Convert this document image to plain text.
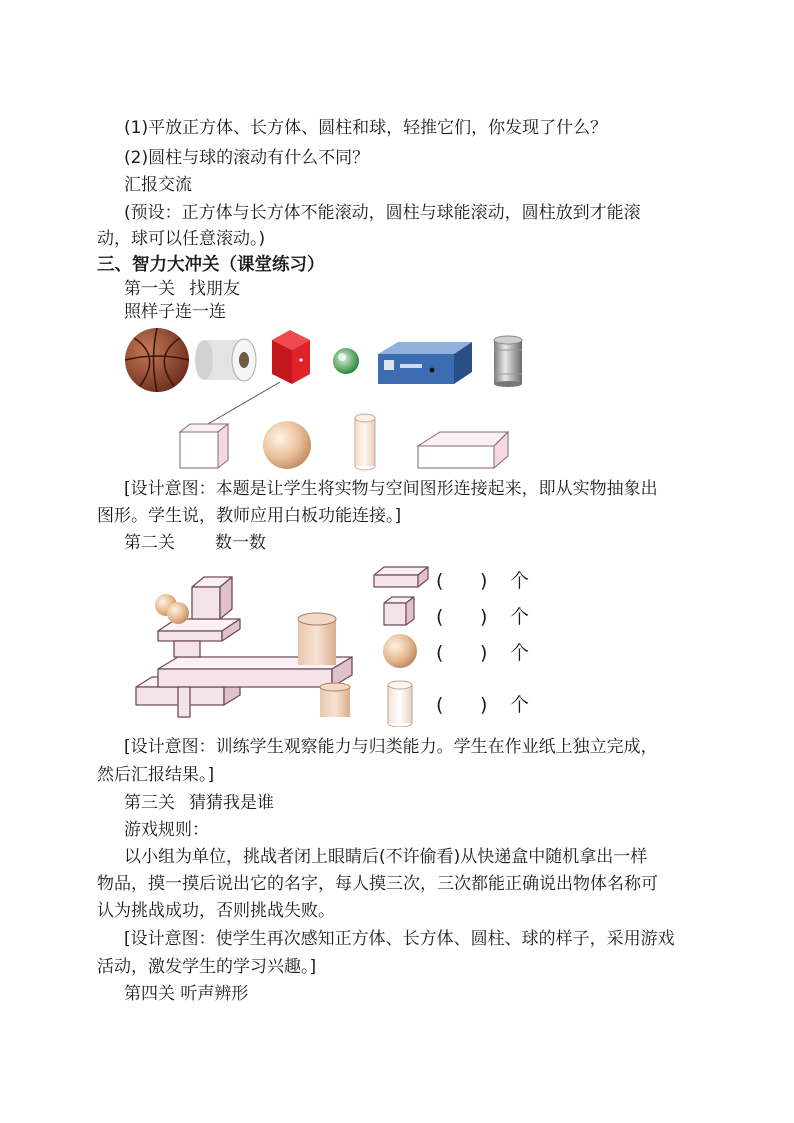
(1)平放正方体、长方体、圆柱和球，轻推它们，你发现了什么？
(2)圆柱与球的滚动有什么不同？
汇报交流
(预设：正方体与长方体不能滚动，圆柱与球能滚动，圆柱放到才能滚
动，球可以任意滚动。)
三、智力大冲关（课堂练习）
第一关 找朋友
照样子连一连
[设计意图：本题是让学生将实物与空间图形连接起来，即从实物抽象出
图形。学生说，教师应用白板功能连接。]
第二关 数一数
( ) 个
( ) 个
( ) 个
( ) 个
[设计意图：训练学生观察能力与归类能力。学生在作业纸上独立完成，
然后汇报结果。]
第三关 猜猜我是谁
游戏规则：
以小组为单位，挑战者闭上眼睛后(不许偷看)从快递盒中随机拿出一样
物品，摸一摸后说出它的名字，每人摸三次，三次都能正确说出物体名称可
认为挑战成功，否则挑战失败。
[设计意图：使学生再次感知正方体、长方体、圆柱、球的样子，采用游戏
活动，激发学生的学习兴趣。]
第四关 听声辨形
